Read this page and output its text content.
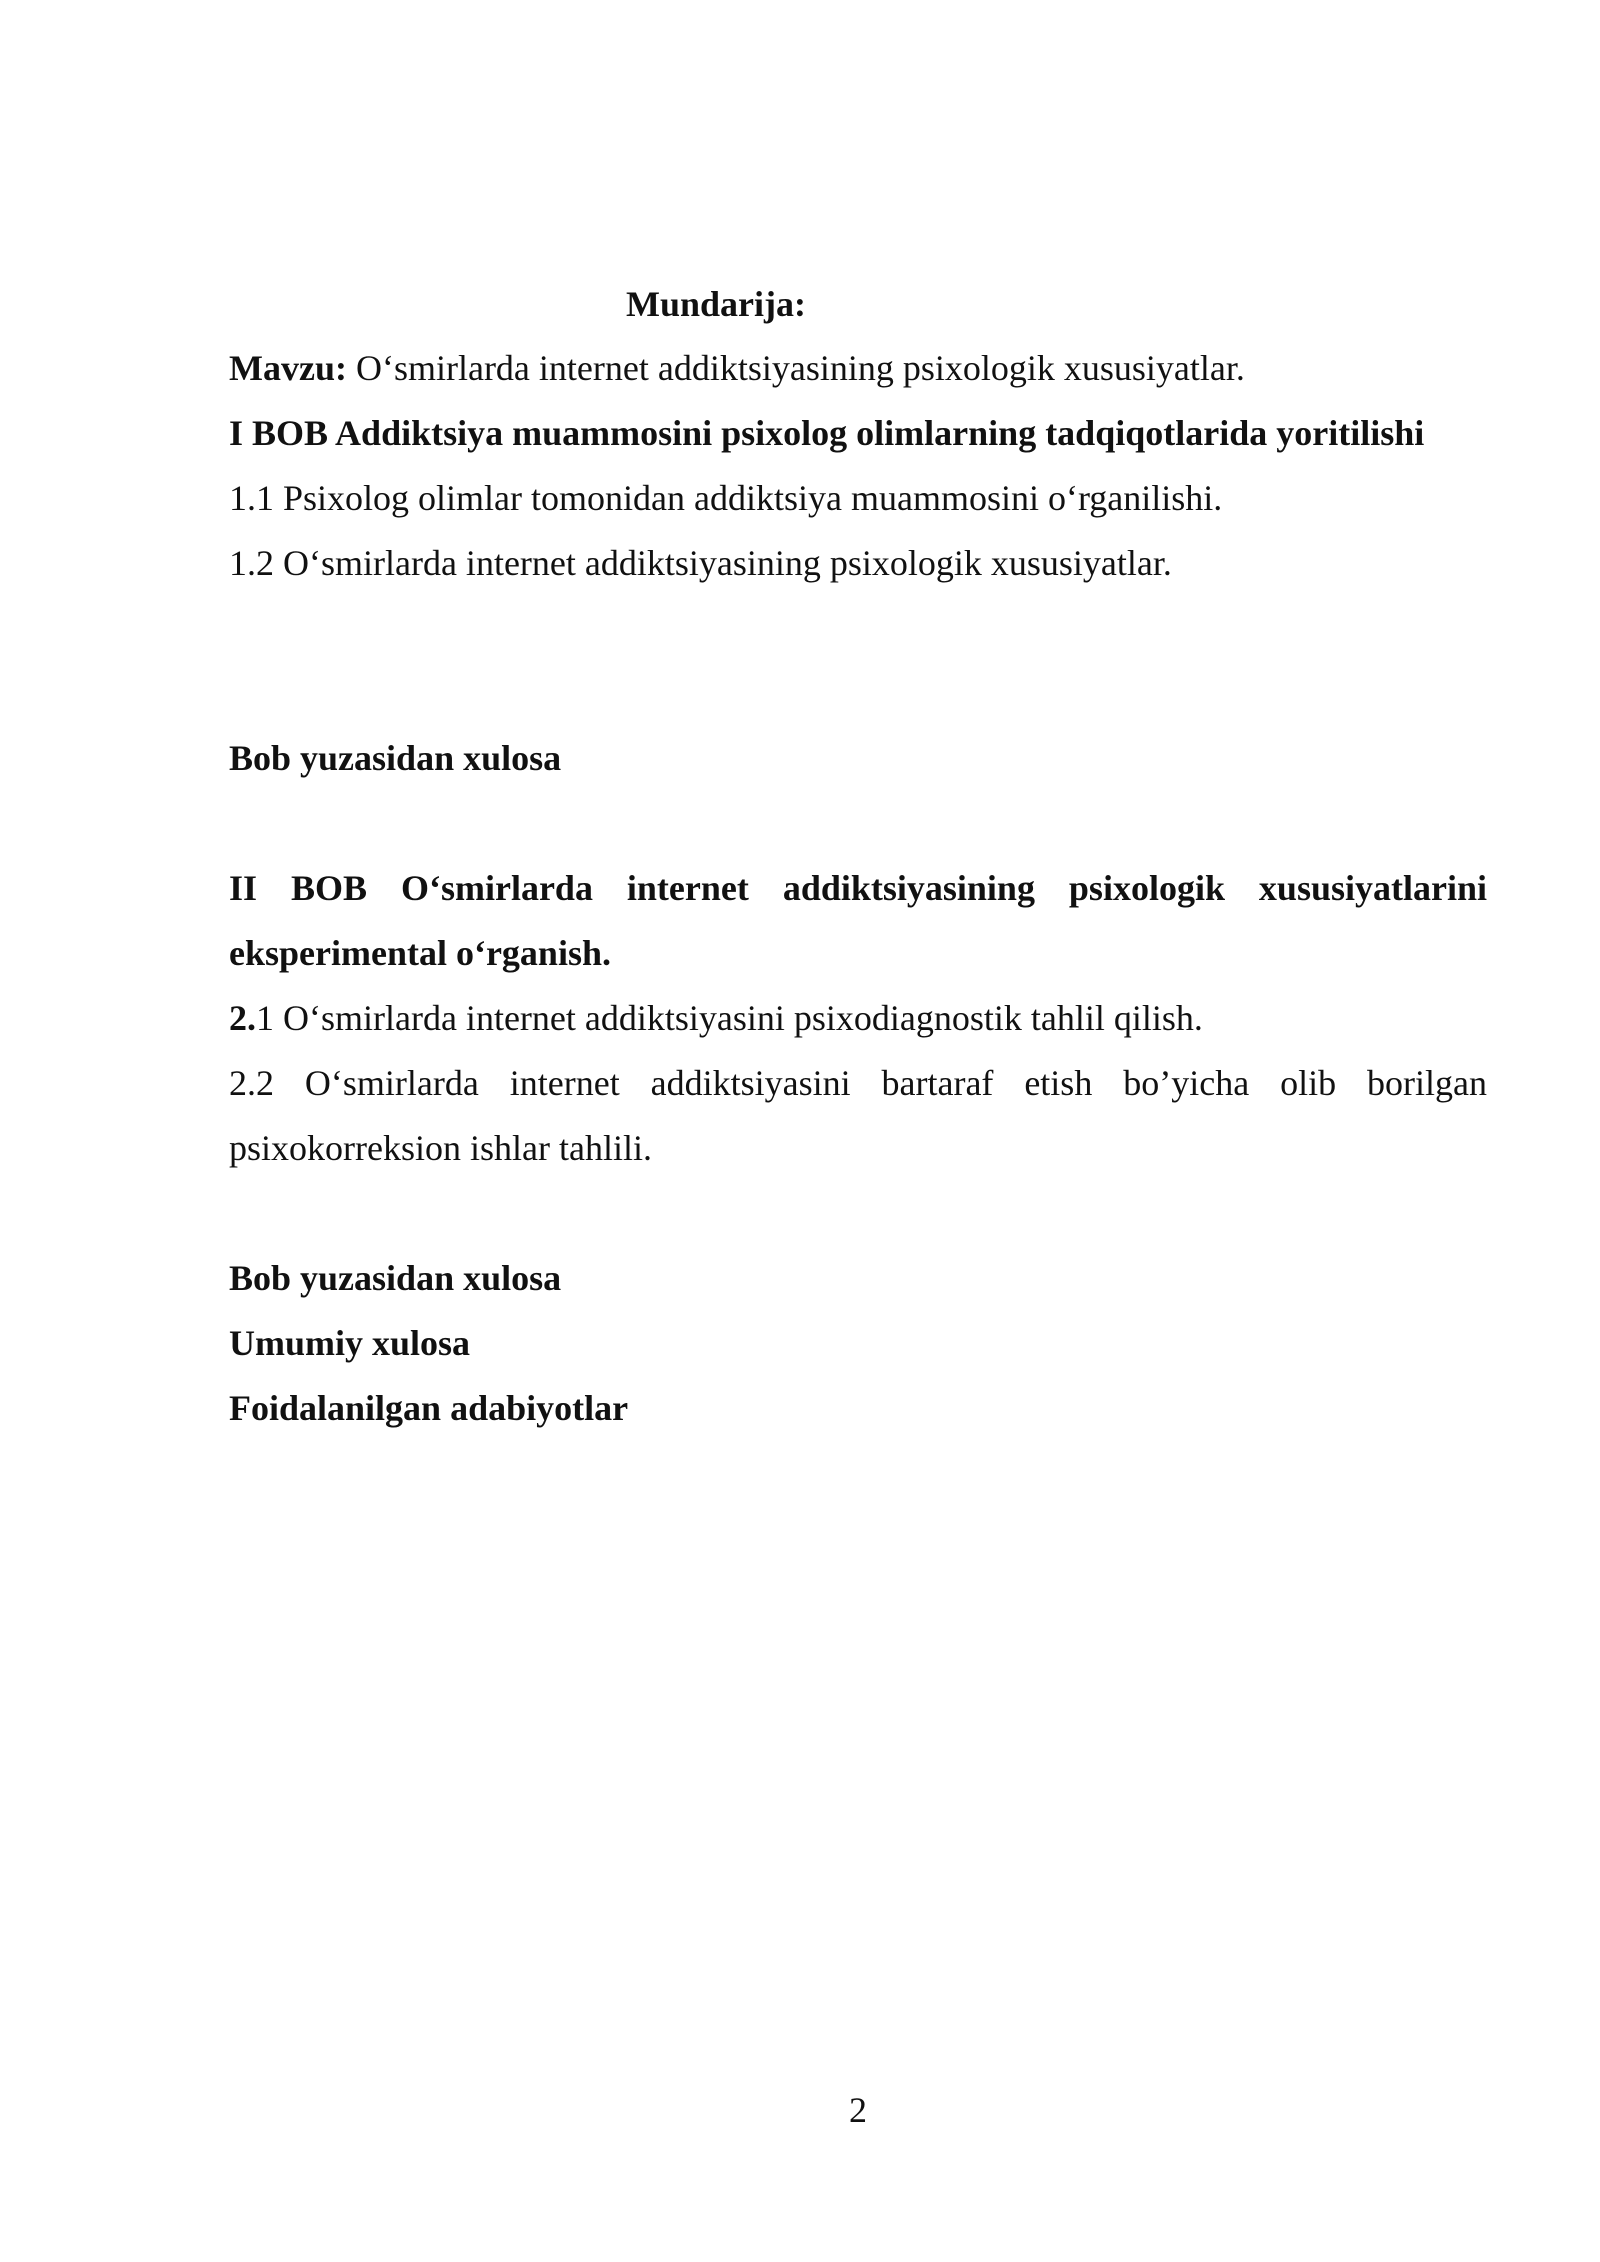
Mundarija:
Mavzu: O‘smirlarda internet addiktsiyasining psixologik xususiyatlar.
I BOB Addiktsiya muammosini psixolog olimlarning tadqiqotlarida yoritilishi
1.1 Psixolog olimlar tomonidan addiktsiya muammosini o‘rganilishi.
1.2 O‘smirlarda internet addiktsiyasining psixologik xususiyatlar.
Bob yuzasidan xulosa
II BOB O‘smirlarda internet addiktsiyasining psixologik xususiyatlarini
eksperimental o‘rganish.
2.1 O‘smirlarda internet addiktsiyasini psixodiagnostik tahlil qilish.
2.2 O‘smirlarda internet addiktsiyasini bartaraf etish bo’yicha olib borilgan
psixokorreksion ishlar tahlili.
Bob yuzasidan xulosa
Umumiy xulosa
Foidalanilgan adabiyotlar
2
